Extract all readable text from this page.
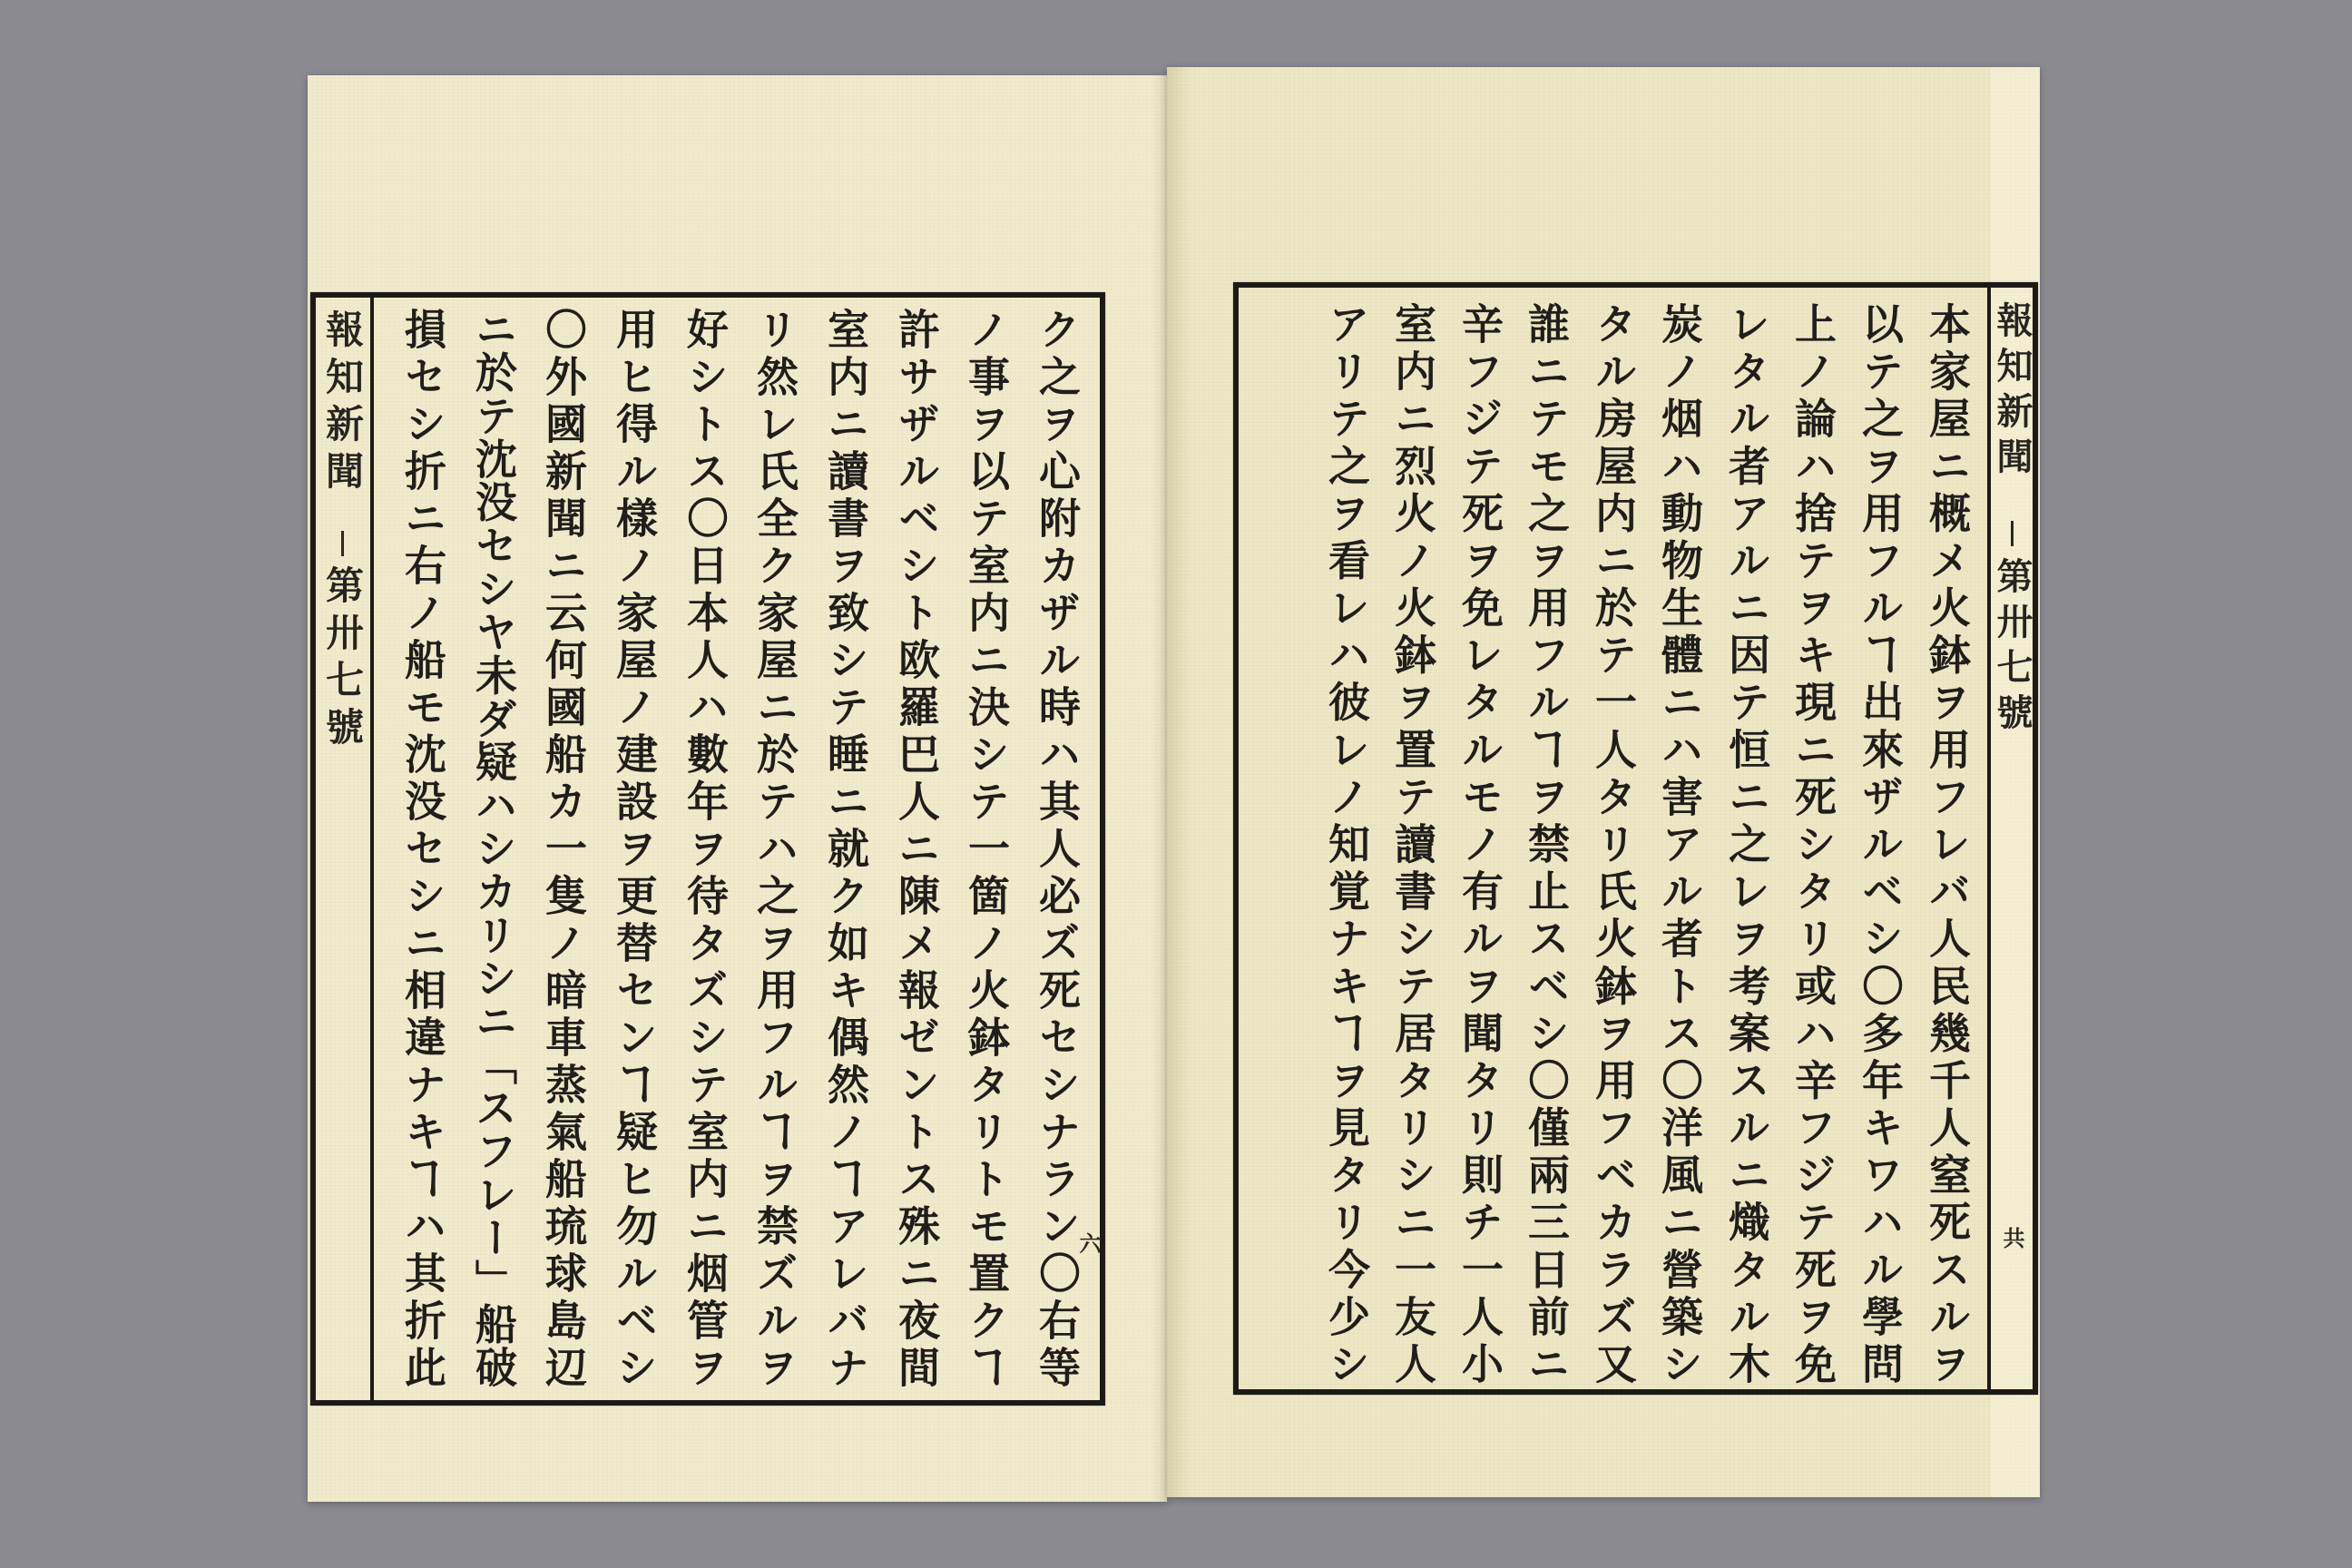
報知新聞
第卅七號
六
ク之ヲ心附カザル時ハ其人必ズ死セシナラン〇右等
ノ事ヲ以テ室内ニ決シテ一箇ノ火鉢タリトモ置クヿ
許サザルベシト欧羅巴人ニ陳メ報ゼントス殊ニ夜間
室内ニ讀書ヲ致シテ睡ニ就ク如キ偶然ノヿアレバナ
リ然レ氏全ク家屋ニ於テハ之ヲ用フルヿヲ禁ズルヲ
好シトス〇日本人ハ數年ヲ待タズシテ室内ニ烟管ヲ
用ヒ得ル樣ノ家屋ノ建設ヲ更替センヿ疑ヒ勿ルベシ
〇外國新聞ニ云何國船カ一隻ノ暗車蒸氣船琉球島辺
ニ於テ沈没セシヤ未ダ疑ハシカリシニ「スフレー」船破
損セシ折ニ右ノ船モ沈没セシニ相違ナキヿハ其折此	報知新聞
第卅七號
共
本家屋ニ概メ火鉢ヲ用フレバ人民幾千人窒死スルヲ
以テ之ヲ用フルヿ出來ザルベシ〇多年キワハル學問
上ノ論ハ捨テヲキ現ニ死シタリ或ハ辛フジテ死ヲ免
レタル者アルニ因テ恒ニ之レヲ考案スルニ熾タル木
炭ノ烟ハ動物生體ニハ害アル者トス〇洋風ニ營築シ
タル房屋内ニ於テ一人タリ氏火鉢ヲ用フベカラズ又
誰ニテモ之ヲ用フルヿヲ禁止スベシ〇僅兩三日前ニ
辛フジテ死ヲ免レタルモノ有ルヲ聞タリ則チ一人小
室内ニ烈火ノ火鉢ヲ置テ讀書シテ居タリシニ一友人
アリテ之ヲ看レハ彼レノ知覚ナキヿヲ見タリ今少シ
